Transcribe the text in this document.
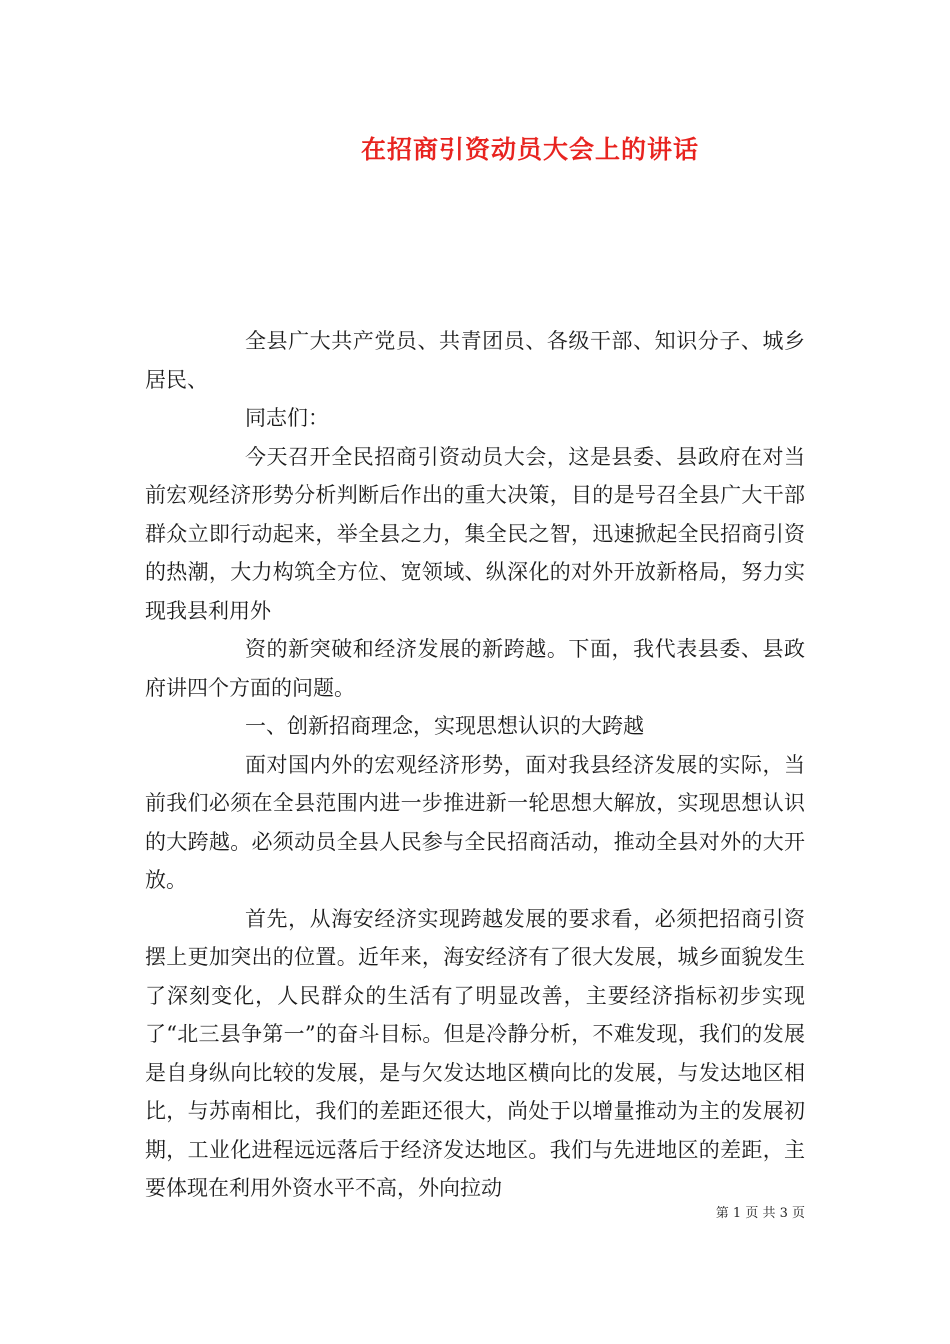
在招商引资动员大会上的讲话

全县广大共产党员、共青团员、各级干部、知识分子、城乡居民、

同志们：

今天召开全民招商引资动员大会，这是县委、县政府在对当前宏观经济形势分析判断后作出的重大决策，目的是号召全县广大干部群众立即行动起来，举全县之力，集全民之智，迅速掀起全民招商引资的热潮，大力构筑全方位、宽领域、纵深化的对外开放新格局，努力实现我县利用外

资的新突破和经济发展的新跨越。下面，我代表县委、县政府讲四个方面的问题。

一、创新招商理念，实现思想认识的大跨越

面对国内外的宏观经济形势，面对我县经济发展的实际，当前我们必须在全县范围内进一步推进新一轮思想大解放，实现思想认识的大跨越。必须动员全县人民参与全民招商活动，推动全县对外的大开放。

首先，从海安经济实现跨越发展的要求看，必须把招商引资摆上更加突出的位置。近年来，海安经济有了很大发展，城乡面貌发生了深刻变化，人民群众的生活有了明显改善，主要经济指标初步实现了“北三县争第一”的奋斗目标。但是冷静分析，不难发现，我们的发展是自身纵向比较的发展，是与欠发达地区横向比的发展，与发达地区相比，与苏南相比，我们的差距还很大，尚处于以增量推动为主的发展初期，工业化进程远远落后于经济发达地区。我们与先进地区的差距，主要体现在利用外资水平不高，外向拉动

第 1 页 共 3 页
